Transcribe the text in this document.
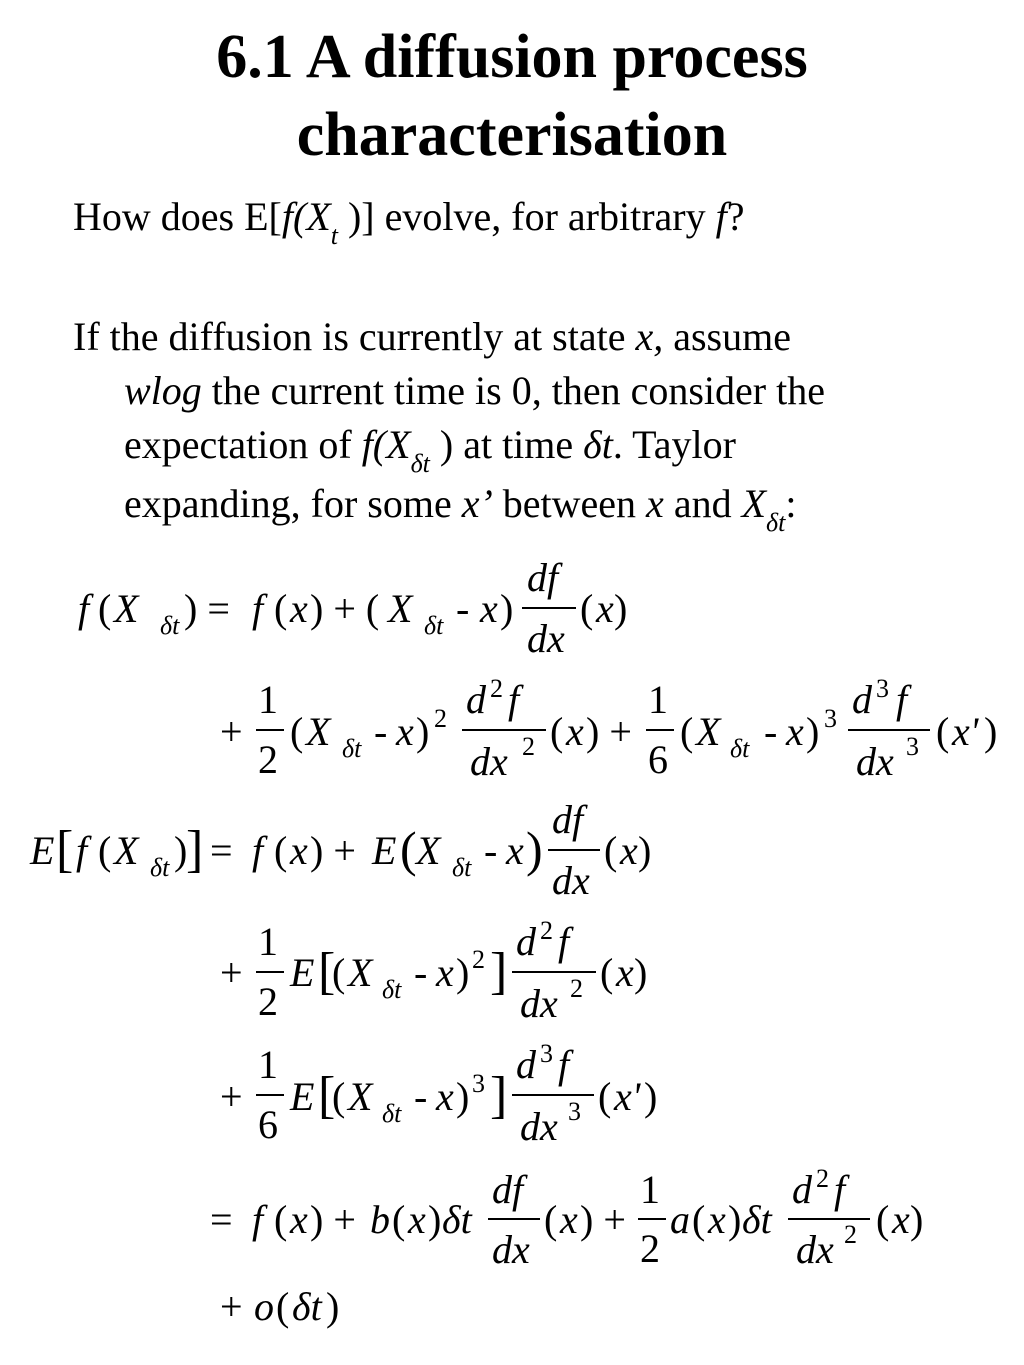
6.1 A diffusion process
characterisation
How does $E[f(X_t$ )] evolve, for arbitrary f?
If the diffusion is currently at state x, assume
wlog the current time is 0, then consider the
expectation of $f(X_{\delta t}$ ) at time δt. Taylor
expanding, for some x’ between x and $X_{\delta t}$:
f ( X δt ) = f ( x ) + ( X δt - x )
df
dx
( x )
+
1
2
( X δt - x ) 2 d 2 f
dx 2 ( x ) +
1
6
( X δt - x ) 3 d 3 f
dx 3 ( x' )
E [ f ( X δt )
] = f ( x ) + E ( X δt - x )
df
dx
( x )
+
1
2
E [
( X δt - x ) 2 ]
d 2 f
dx 2 ( x )
+
1
6
E [
( X δt - x ) 3 ]
d 3 f
dx 3 ( x' )
= f ( x ) + b ( x ) δt
df
dx
( x ) +
1
2
a ( x ) δt
d 2 f
dx 2 ( x )
+ o ( δt )
